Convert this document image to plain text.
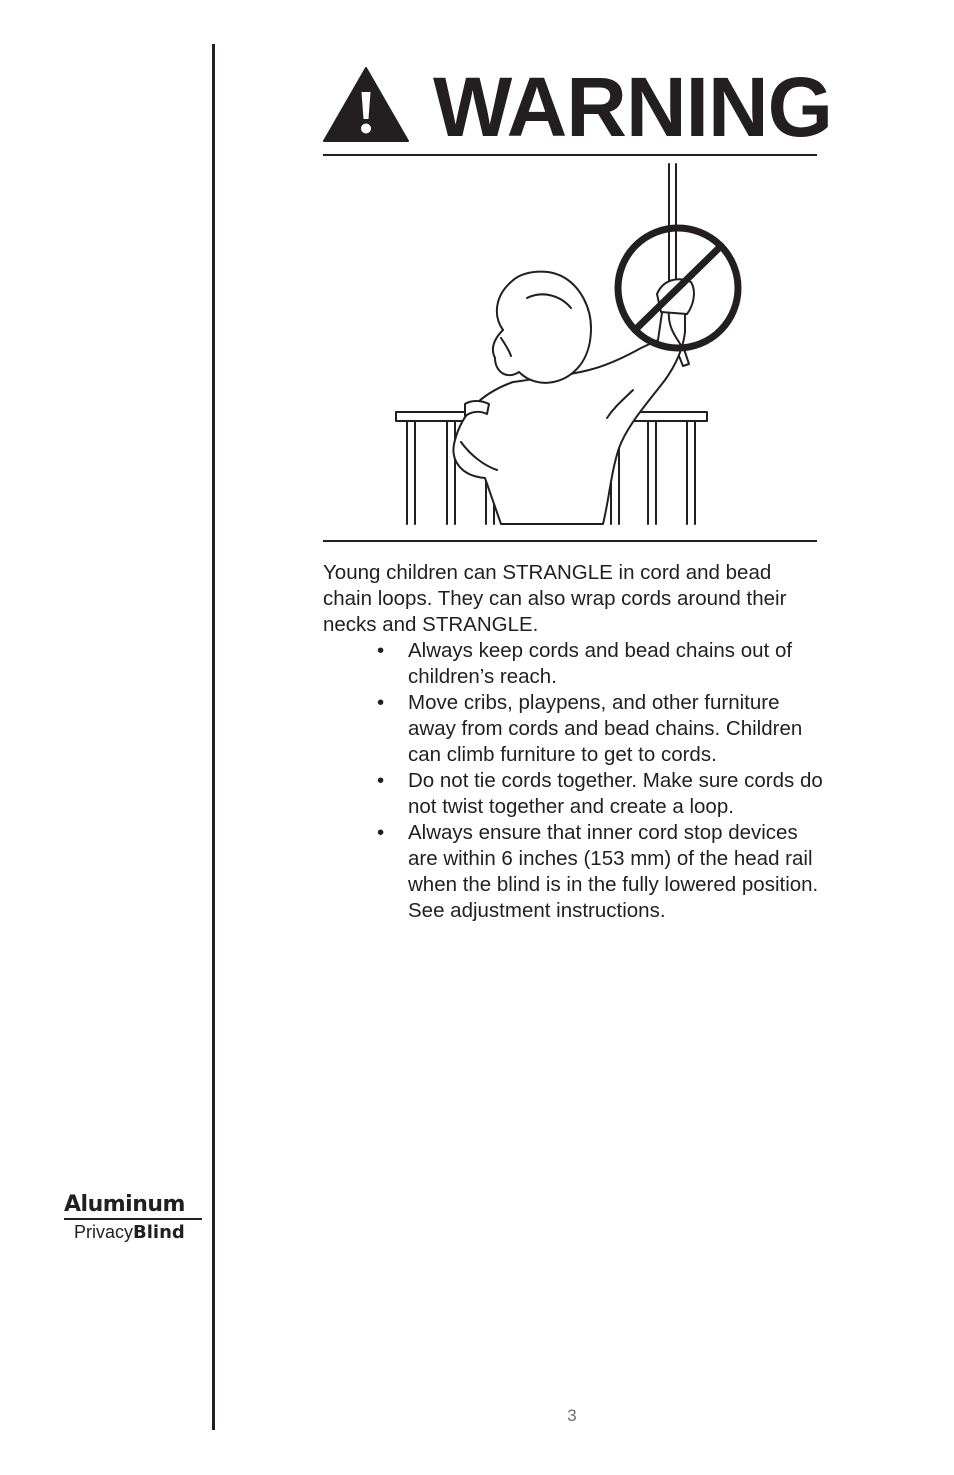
WARNING

Young children can STRANGLE in cord and bead chain loops. They can also wrap cords around their necks and STRANGLE.

• Always keep cords and bead chains out of children’s reach.
• Move cribs, playpens, and other furniture away from cords and bead chains. Children can climb furniture to get to cords.
• Do not tie cords together. Make sure cords do not twist together and create a loop.
• Always ensure that inner cord stop devices are within 6 inches (153 mm) of the head rail when the blind is in the fully lowered position. See adjustment instructions.
Aluminum
PrivacyBlind
3
